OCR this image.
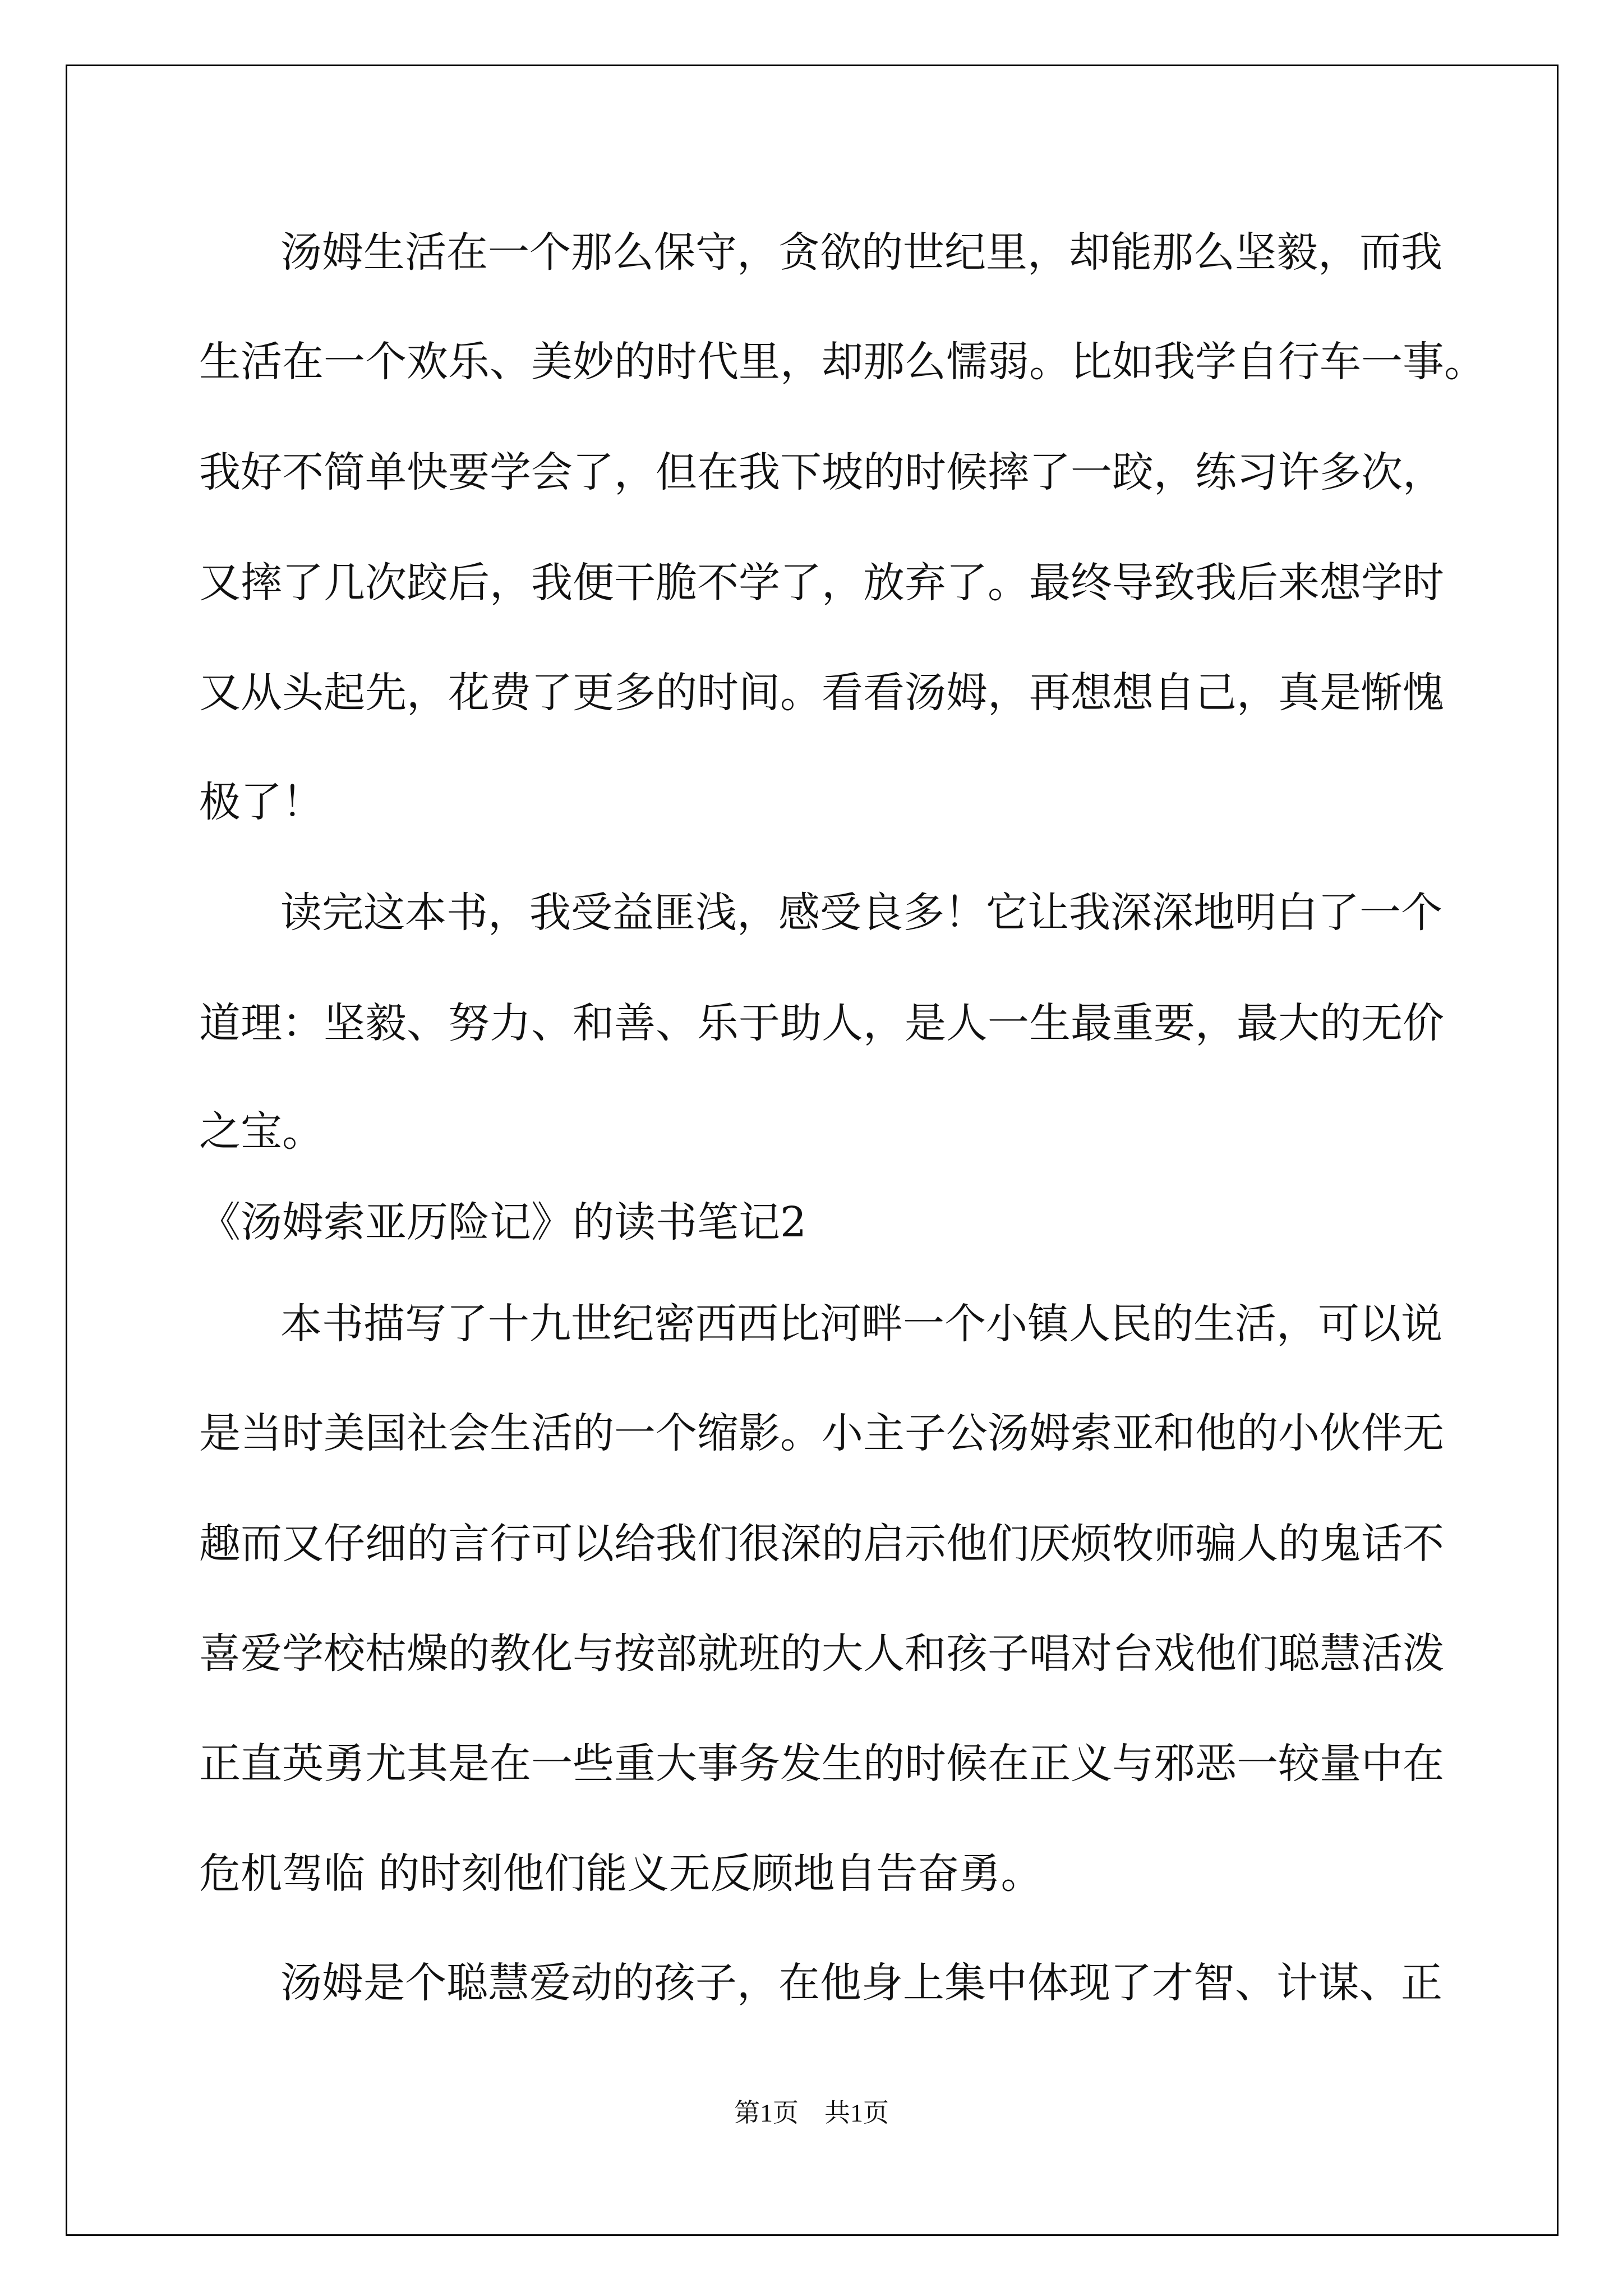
汤姆生活在一个那么保守，贪欲的世纪里，却能那么坚毅，而我
生活在一个欢乐、美妙的时代里，却那么懦弱。比如我学自行车一事。
我好不简单快要学会了，但在我下坡的时候摔了一跤，练习许多次，
又摔了几次跤后，我便干脆不学了，放弃了。最终导致我后来想学时
又从头起先，花费了更多的时间。看看汤姆，再想想自己，真是惭愧
极了！
读完这本书，我受益匪浅，感受良多！它让我深深地明白了一个
道理：坚毅、努力、和善、乐于助人，是人一生最重要，最大的无价
之宝。
《汤姆索亚历险记》的读书笔记2
本书描写了十九世纪密西西比河畔一个小镇人民的生活，可以说
是当时美国社会生活的一个缩影。小主子公汤姆索亚和他的小伙伴无
趣而又仔细的言行可以给我们很深的启示他们厌烦牧师骗人的鬼话不
喜爱学校枯燥的教化与按部就班的大人和孩子唱对台戏他们聪慧活泼
正直英勇尤其是在一些重大事务发生的时候在正义与邪恶一较量中在
危机驾临 的时刻他们能义无反顾地自告奋勇。
汤姆是个聪慧爱动的孩子，在他身上集中体现了才智、计谋、正
第1页　共1页
